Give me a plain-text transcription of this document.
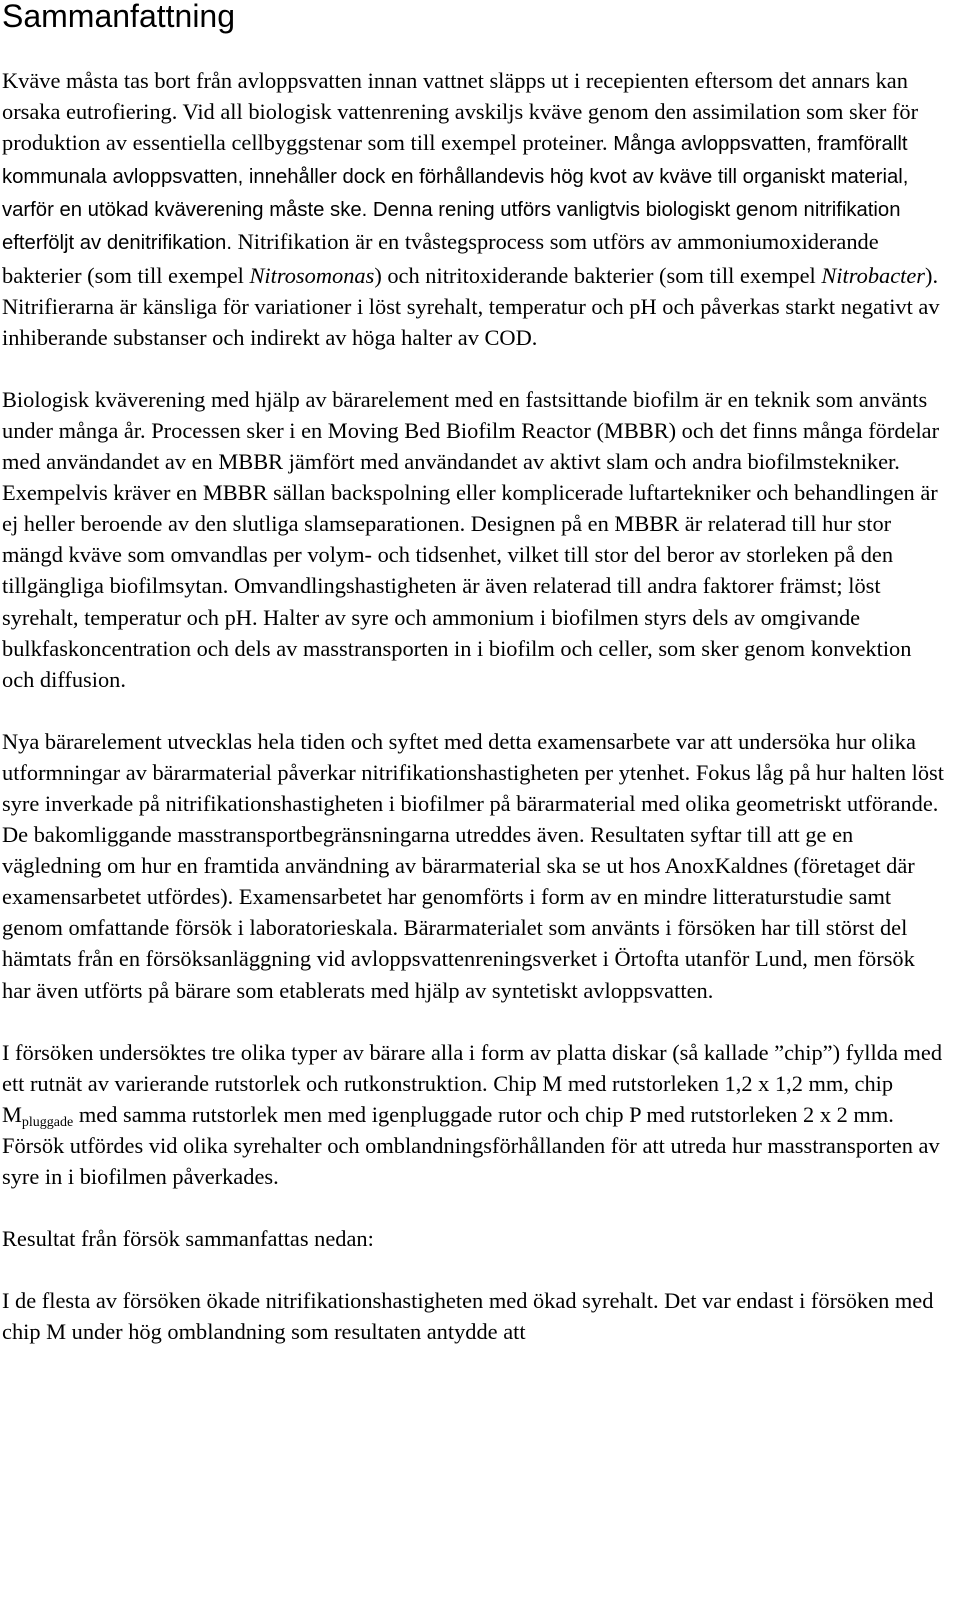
Sammanfattning

Kväve måsta tas bort från avloppsvatten innan vattnet släpps ut i recepienten eftersom det annars kan orsaka eutrofiering. Vid all biologisk vattenrening avskiljs kväve genom den assimilation som sker för produktion av essentiella cellbyggstenar som till exempel proteiner. Många avloppsvatten, framförallt kommunala avloppsvatten, innehåller dock en förhållandevis hög kvot av kväve till organiskt material, varför en utökad kväverening måste ske. Denna rening utförs vanligtvis biologiskt genom nitrifikation efterföljt av denitrifikation. Nitrifikation är en tvåstegsprocess som utförs av ammoniumoxiderande bakterier (som till exempel Nitrosomonas) och nitritoxiderande bakterier (som till exempel Nitrobacter). Nitrifierarna är känsliga för variationer i löst syrehalt, temperatur och pH och påverkas starkt negativt av inhiberande substanser och indirekt av höga halter av COD.

Biologisk kväverening med hjälp av bärarelement med en fastsittande biofilm är en teknik som använts under många år. Processen sker i en Moving Bed Biofilm Reactor (MBBR) och det finns många fördelar med användandet av en MBBR jämfört med användandet av aktivt slam och andra biofilmstekniker. Exempelvis kräver en MBBR sällan backspolning eller komplicerade luftartekniker och behandlingen är ej heller beroende av den slutliga slamseparationen. Designen på en MBBR är relaterad till hur stor mängd kväve som omvandlas per volym- och tidsenhet, vilket till stor del beror av storleken på den tillgängliga biofilmsytan. Omvandlingshastigheten är även relaterad till andra faktorer främst; löst syrehalt, temperatur och pH. Halter av syre och ammonium i biofilmen styrs dels av omgivande bulkfaskoncentration och dels av masstransporten in i biofilm och celler, som sker genom konvektion och diffusion.

Nya bärarelement utvecklas hela tiden och syftet med detta examensarbete var att undersöka hur olika utformningar av bärarmaterial påverkar nitrifikationshastigheten per ytenhet. Fokus låg på hur halten löst syre inverkade på nitrifikationshastigheten i biofilmer på bärarmaterial med olika geometriskt utförande. De bakomliggande masstransportbegränsningarna utreddes även. Resultaten syftar till att ge en vägledning om hur en framtida användning av bärarmaterial ska se ut hos AnoxKaldnes (företaget där examensarbetet utfördes). Examensarbetet har genomförts i form av en mindre litteraturstudie samt genom omfattande försök i laboratorieskala. Bärarmaterialet som använts i försöken har till störst del hämtats från en försöksanläggning vid avloppsvattenreningsverket i Örtofta utanför Lund, men försök har även utförts på bärare som etablerats med hjälp av syntetiskt avloppsvatten.

I försöken undersöktes tre olika typer av bärare alla i form av platta diskar (så kallade ”chip”) fyllda med ett rutnät av varierande rutstorlek och rutkonstruktion. Chip M med rutstorleken 1,2 x 1,2 mm, chip $M_{pluggade}$ med samma rutstorlek men med igenpluggade rutor och chip P med rutstorleken 2 x 2 mm. Försök utfördes vid olika syrehalter och omblandningsförhållanden för att utreda hur masstransporten av syre in i biofilmen påverkades.

Resultat från försök sammanfattas nedan:

I de flesta av försöken ökade nitrifikationshastigheten med ökad syrehalt. Det var endast i försöken med chip M under hög omblandning som resultaten antydde att
